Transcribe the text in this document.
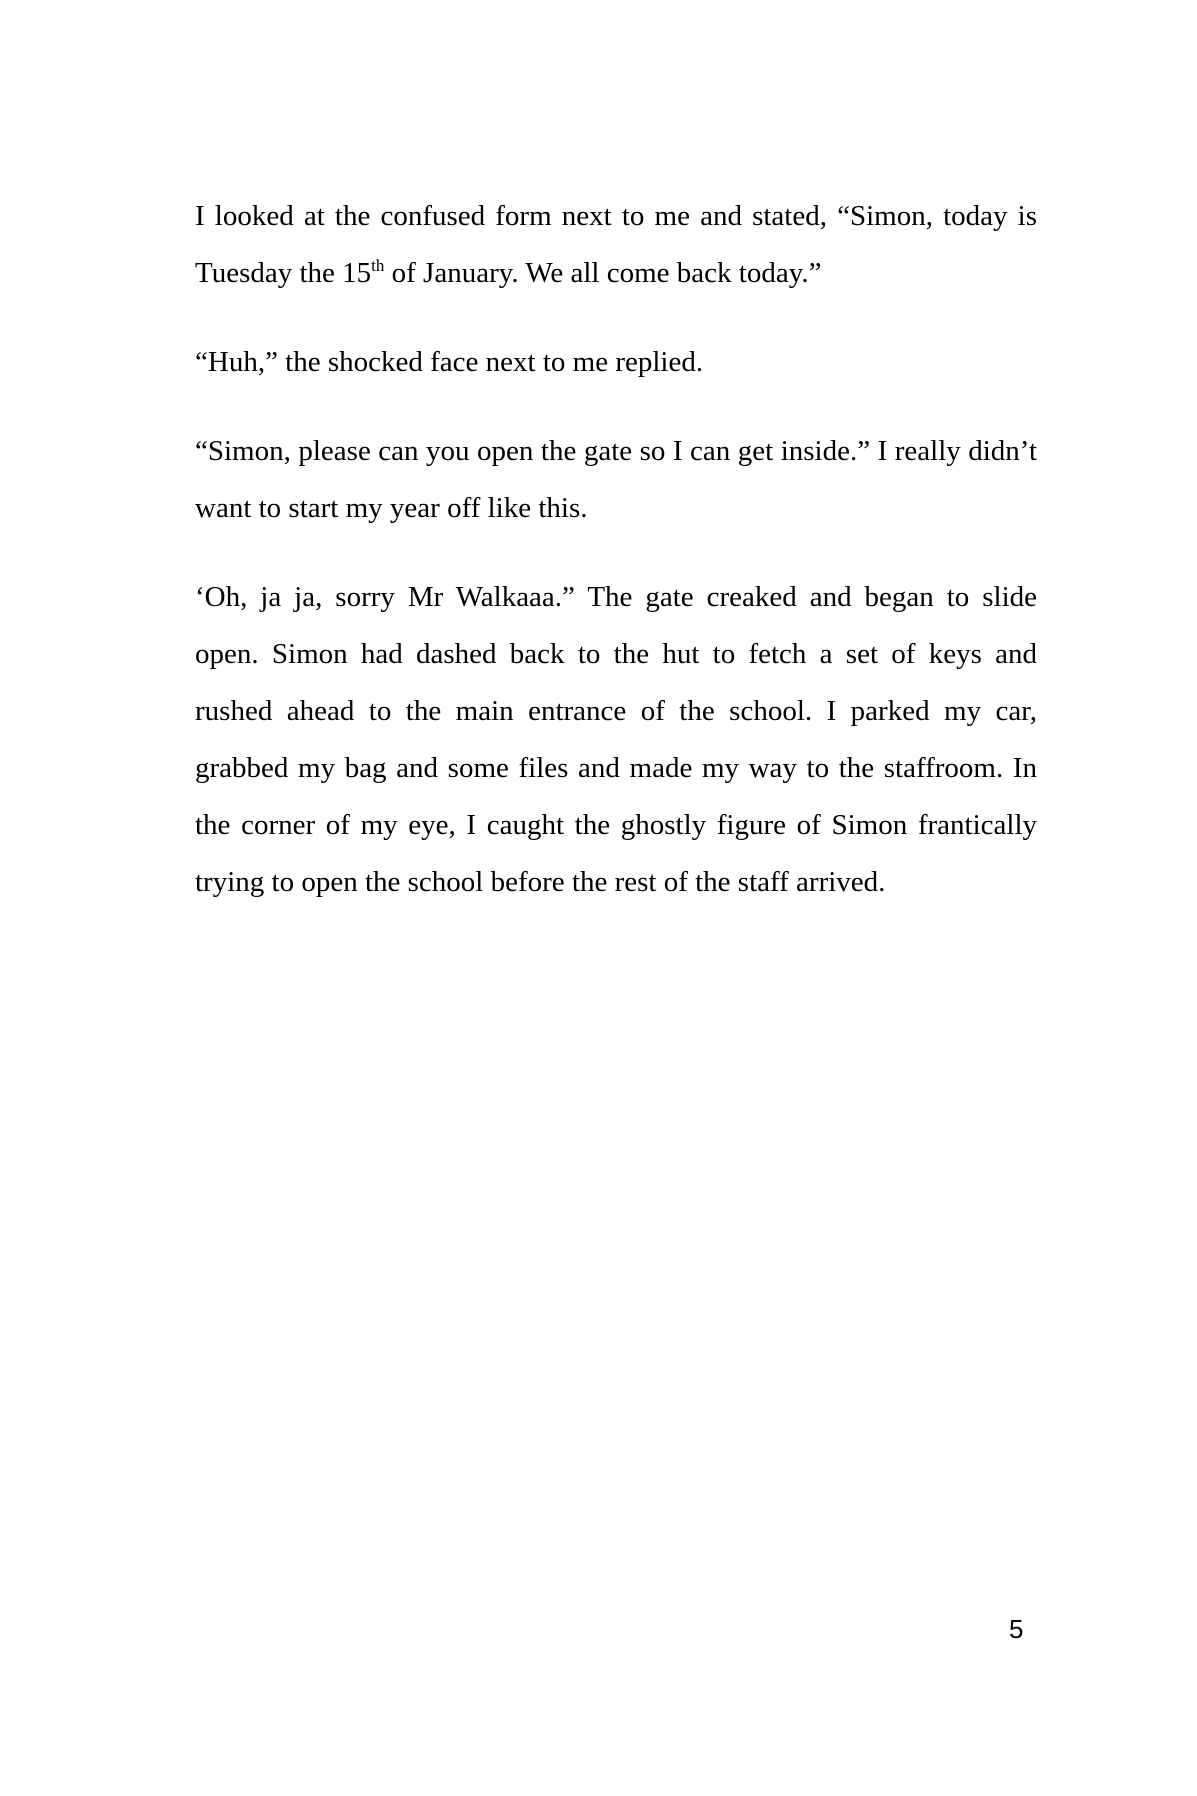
I looked at the confused form next to me and stated, “Simon, today is Tuesday the 15th of January. We all come back today.”

“Huh,” the shocked face next to me replied.

“Simon, please can you open the gate so I can get inside.” I really didn’t want to start my year off like this.

‘Oh, ja ja, sorry Mr Walkaaa.” The gate creaked and began to slide open. Simon had dashed back to the hut to fetch a set of keys and rushed ahead to the main entrance of the school. I parked my car, grabbed my bag and some files and made my way to the staffroom. In the corner of my eye, I caught the ghostly figure of Simon frantically trying to open the school before the rest of the staff arrived.

5
